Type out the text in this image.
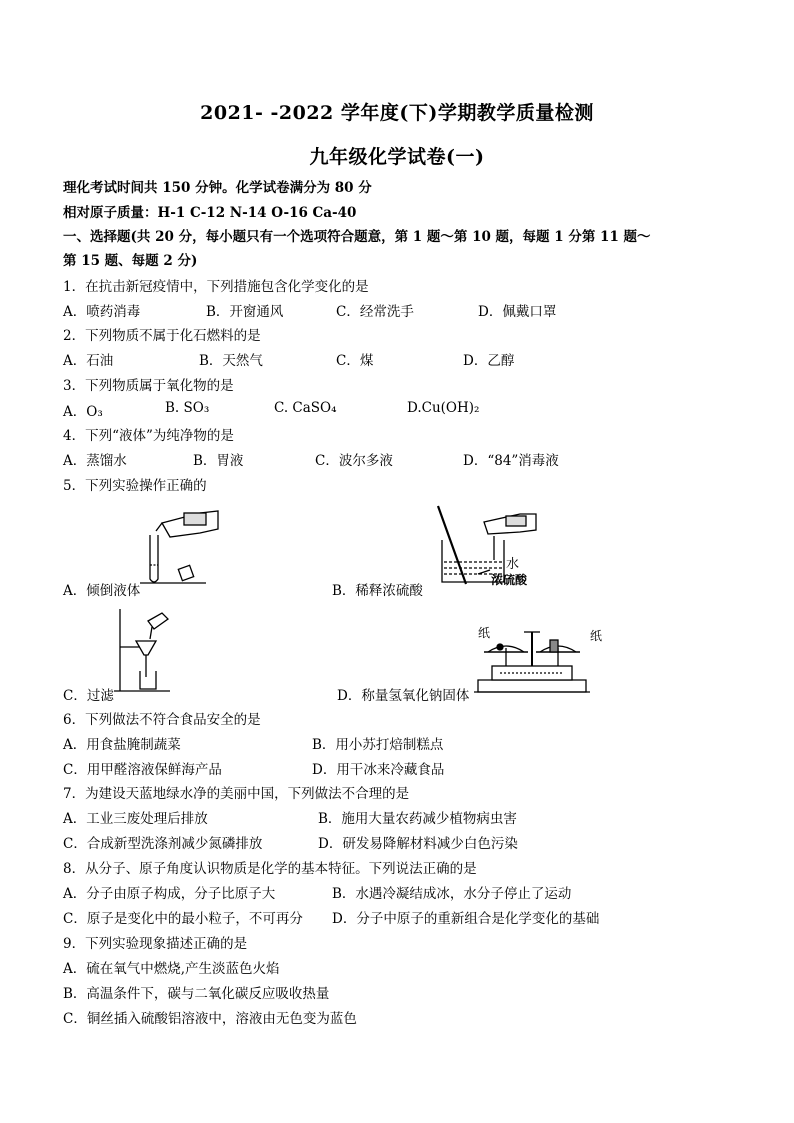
2021- -2022 学年度(下)学期教学质量检测
九年级化学试卷(一)
理化考试时间共 150 分钟。化学试卷满分为 80 分
相对原子质量：H-1 C-12 N-14 O-16 Ca-40
一、选择题(共 20 分，每小题只有一个选项符合题意，第 1 题～第 10 题，每题 1 分第 11 题～
第 15 题、每题 2 分)
1．在抗击新冠疫情中，下列措施包含化学变化的是
A．喷药消毒	B．开窗通风	C．经常洗手	D．佩戴口罩
2．下列物质不属于化石燃料的是
A．石油	B．天然气	C．煤	D．乙醇
3．下列物质属于氧化物的是
A．O₃	B. SO₃	C. CaSO₄	D.Cu(OH)₂
4．下列“液体”为纯净物的是
A．蒸馏水	B．胃液	C．波尔多液	D．“84”消毒液
5．下列实验操作正确的
A．倾倒液体
水
浓硫酸
B．稀释浓硫酸
C．过滤
纸	纸
D．称量氢氧化钠固体
6．下列做法不符合食品安全的是
A．用食盐腌制蔬菜	B．用小苏打焙制糕点
C．用甲醛溶液保鲜海产品	D．用干冰来冷藏食品
7．为建设天蓝地绿水净的美丽中国，下列做法不合理的是
A．工业三废处理后排放	B．施用大量农药减少植物病虫害
C．合成新型洗涤剂减少氮磷排放	D．研发易降解材料减少白色污染
8．从分子、原子角度认识物质是化学的基本特征。下列说法正确的是
A．分子由原子构成，分子比原子大	B．水遇冷凝结成冰，水分子停止了运动
C．原子是变化中的最小粒子，不可再分 D．分子中原子的重新组合是化学变化的基础
9．下列实验现象描述正确的是
A．硫在氧气中燃烧,产生淡蓝色火焰
B．高温条件下，碳与二氧化碳反应吸收热量
C．铜丝插入硫酸铝溶液中，溶液由无色变为蓝色
